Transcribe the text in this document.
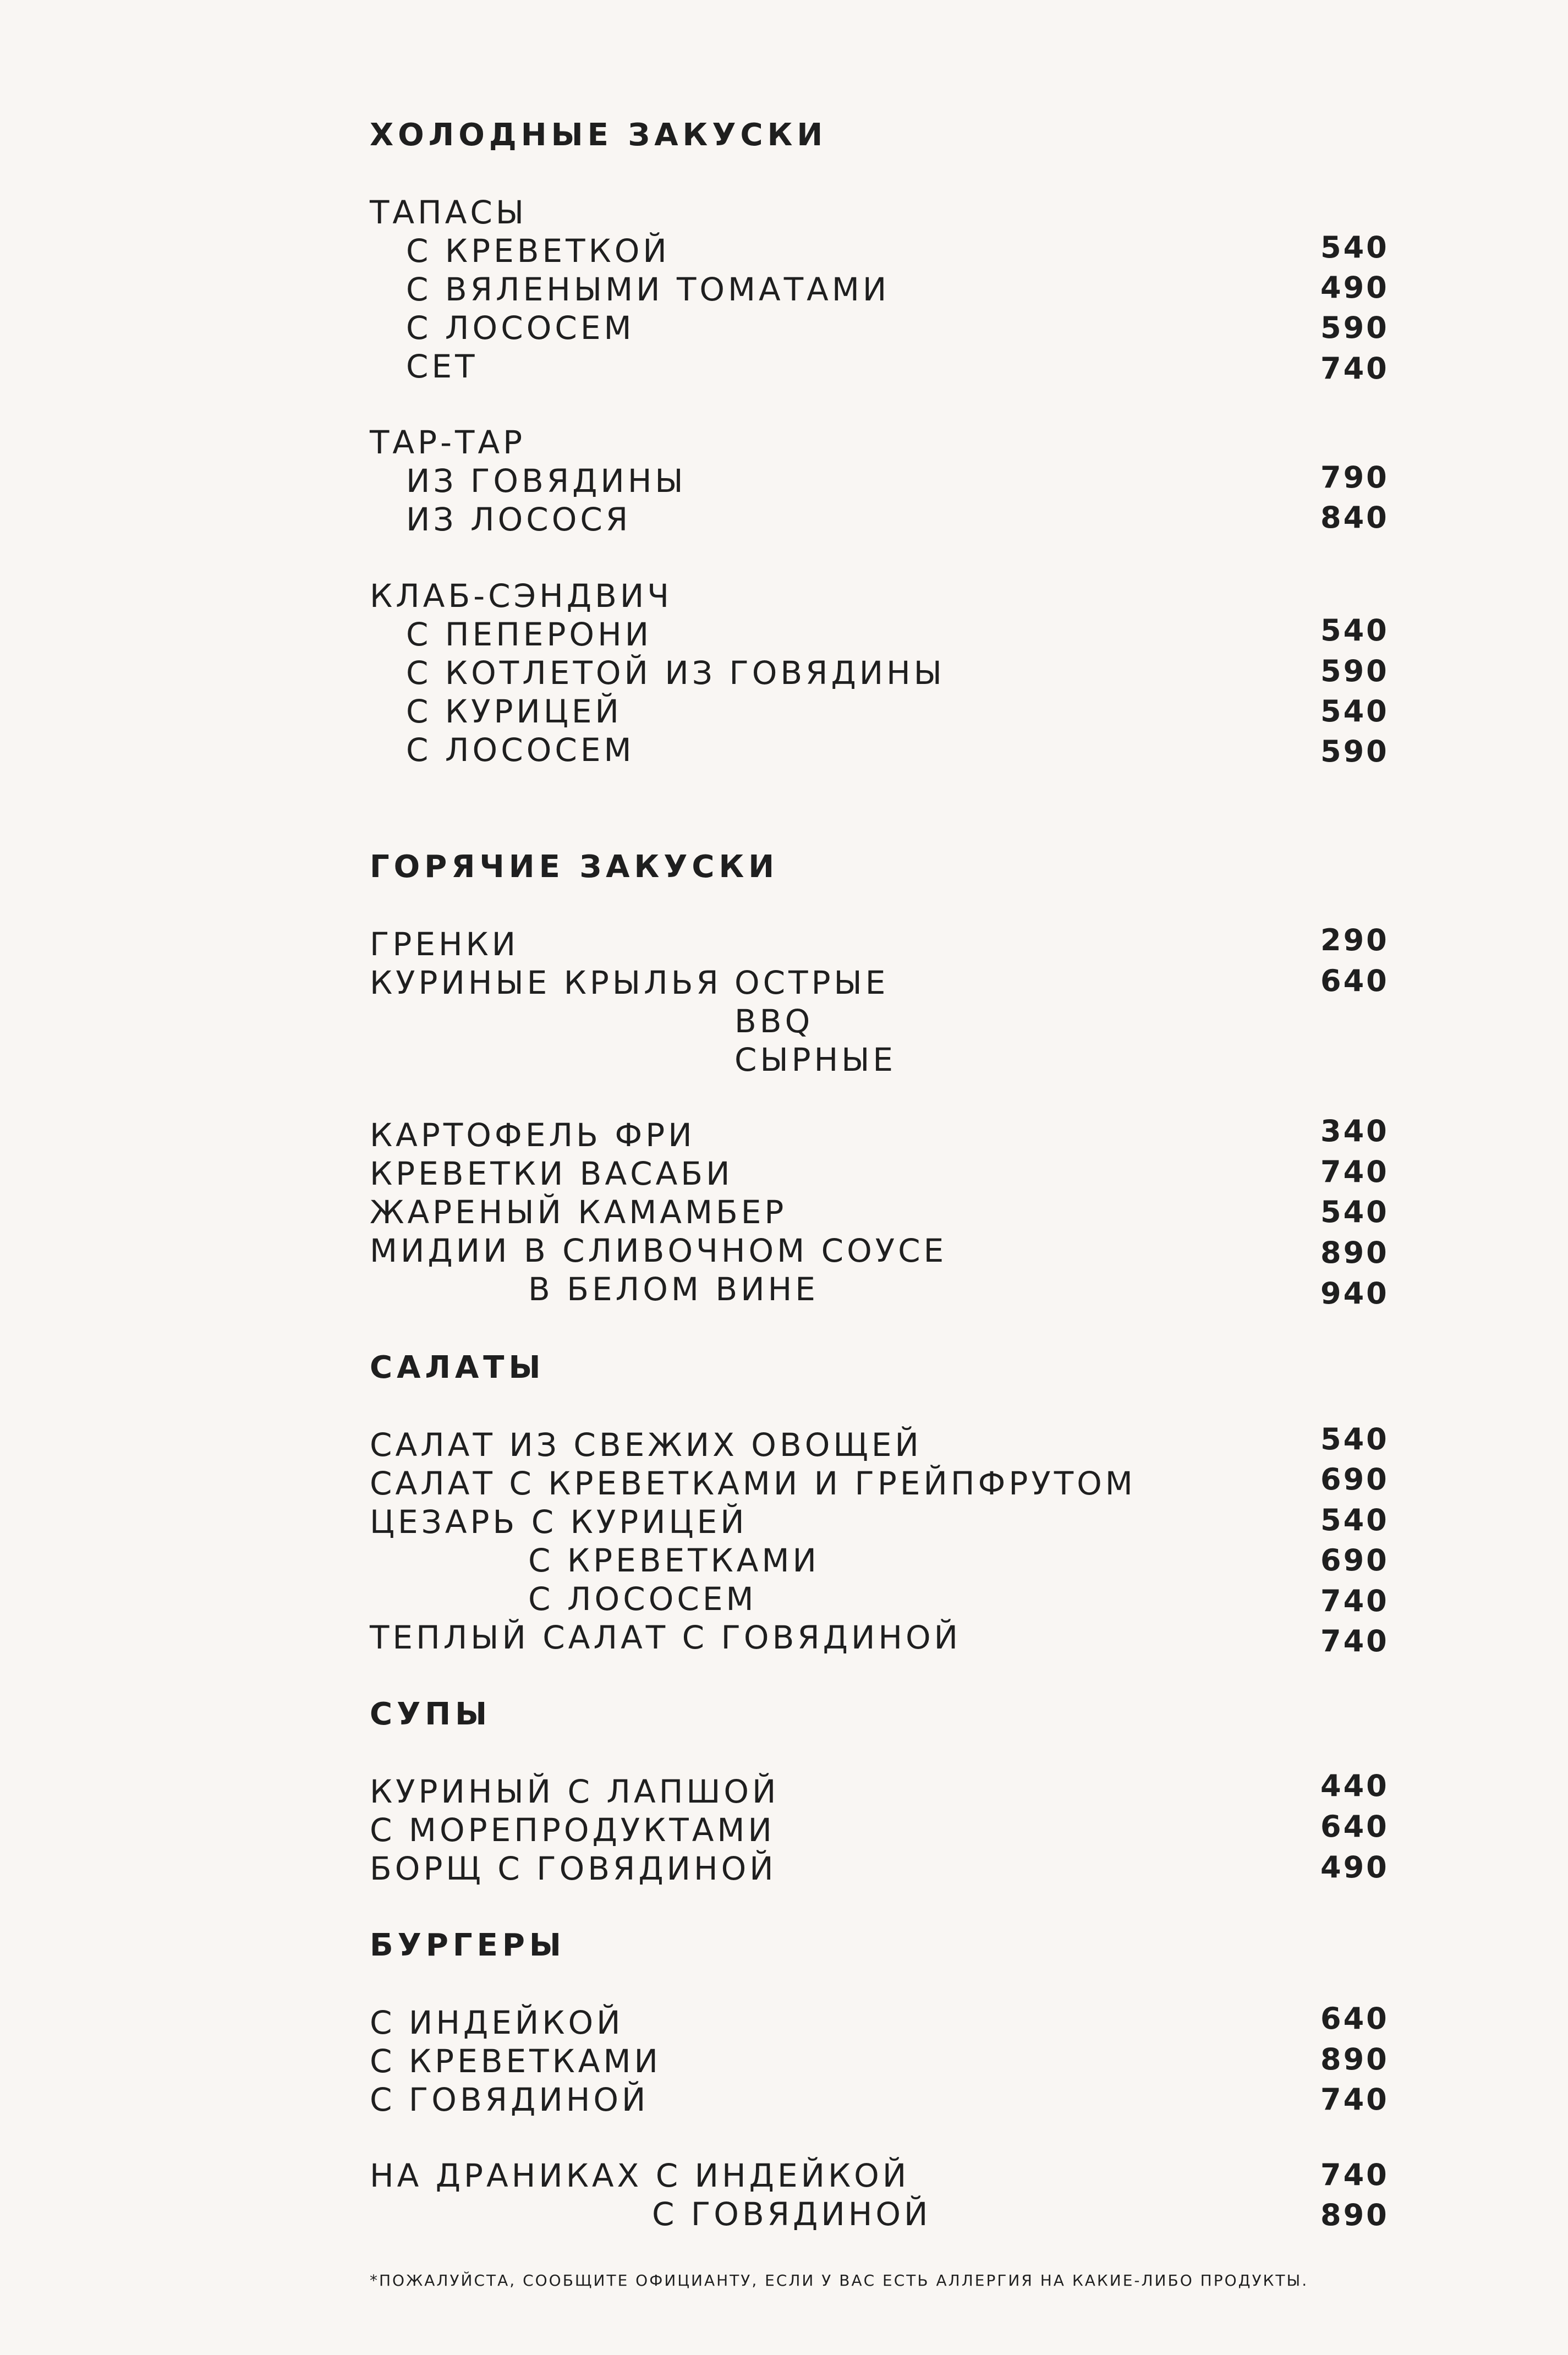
ХОЛОДНЫЕ ЗАКУСКИ
ТАПАСЫ
С КРЕВЕТКОЙ	540
С ВЯЛЕНЫМИ ТОМАТАМИ	490
С ЛОСОСЕМ	590
СЕТ	740
ТАР-ТАР
ИЗ ГОВЯДИНЫ	790
ИЗ ЛОСОСЯ	840
КЛАБ-СЭНДВИЧ
С ПЕПЕРОНИ	540
С КОТЛЕТОЙ ИЗ ГОВЯДИНЫ	590
С КУРИЦЕЙ	540
С ЛОСОСЕМ	590
ГОРЯЧИЕ ЗАКУСКИ
ГРЕНКИ	290
КУРИНЫЕ КРЫЛЬЯ ОСТРЫЕ	640
BBQ
СЫРНЫЕ
КАРТОФЕЛЬ ФРИ	340
КРЕВЕТКИ ВАСАБИ	740
ЖАРЕНЫЙ КАМАМБЕР	540
МИДИИ В СЛИВОЧНОМ СОУСЕ	890
В БЕЛОМ ВИНЕ	940
САЛАТЫ
САЛАТ ИЗ СВЕЖИХ ОВОЩЕЙ	540
САЛАТ С КРЕВЕТКАМИ И ГРЕЙПФРУТОМ	690
ЦЕЗАРЬ С КУРИЦЕЙ	540
С КРЕВЕТКАМИ	690
С ЛОСОСЕМ	740
ТЕПЛЫЙ САЛАТ С ГОВЯДИНОЙ	740
СУПЫ
КУРИНЫЙ С ЛАПШОЙ	440
С МОРЕПРОДУКТАМИ	640
БОРЩ С ГОВЯДИНОЙ	490
БУРГЕРЫ
С ИНДЕЙКОЙ	640
С КРЕВЕТКАМИ	890
С ГОВЯДИНОЙ	740
НА ДРАНИКАХ С ИНДЕЙКОЙ	740
С ГОВЯДИНОЙ	890
*ПОЖАЛУЙСТА, СООБЩИТЕ ОФИЦИАНТУ, ЕСЛИ У ВАС ЕСТЬ АЛЛЕРГИЯ НА КАКИЕ-ЛИБО ПРОДУКТЫ.
